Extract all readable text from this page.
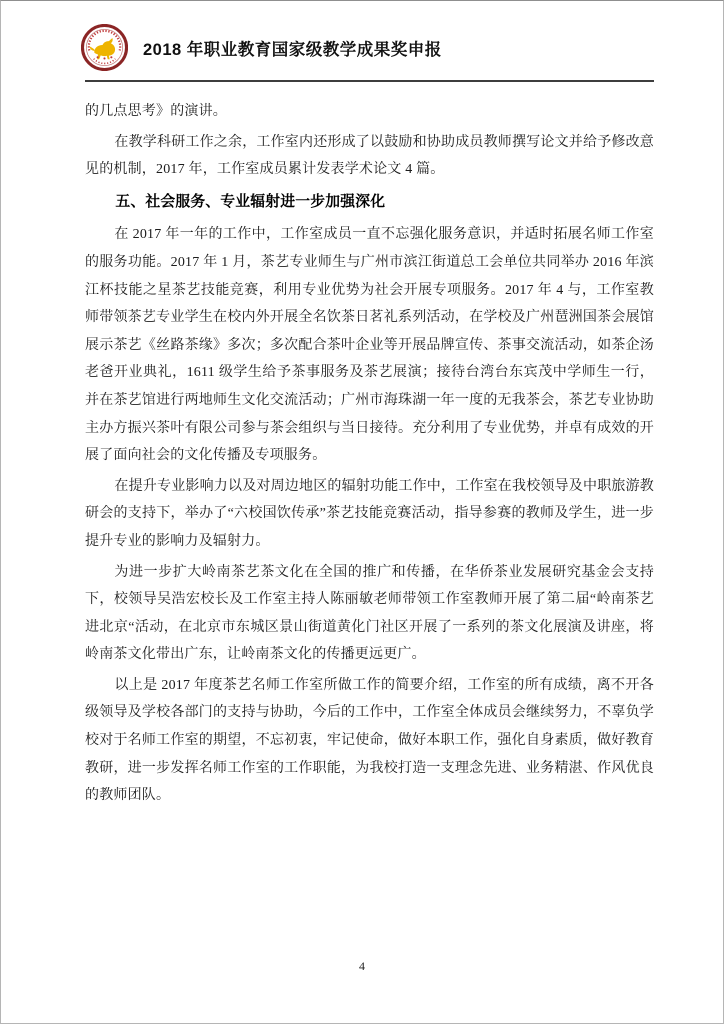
2018 年职业教育国家级教学成果奖申报

的几点思考》的演讲。

在教学科研工作之余，工作室内还形成了以鼓励和协助成员教师撰写论文并给予修改意见的机制，2017 年，工作室成员累计发表学术论文 4 篇。

五、社会服务、专业辐射进一步加强深化

在 2017 年一年的工作中，工作室成员一直不忘强化服务意识，并适时拓展名师工作室的服务功能。2017 年 1 月，茶艺专业师生与广州市滨江街道总工会单位共同举办 2016 年滨江杯技能之星茶艺技能竞赛，利用专业优势为社会开展专项服务。2017 年 4 与，工作室教师带领茶艺专业学生在校内外开展全名饮茶日茗礼系列活动，在学校及广州琶洲国茶会展馆展示茶艺《丝路茶缘》多次；多次配合茶叶企业等开展品牌宣传、茶事交流活动，如茶企汤老爸开业典礼，1611 级学生给予茶事服务及茶艺展演；接待台湾台东宾茂中学师生一行，并在茶艺馆进行两地师生文化交流活动；广州市海珠湖一年一度的无我茶会，茶艺专业协助主办方振兴茶叶有限公司参与茶会组织与当日接待。充分利用了专业优势，并卓有成效的开展了面向社会的文化传播及专项服务。

在提升专业影响力以及对周边地区的辐射功能工作中，工作室在我校领导及中职旅游教研会的支持下，举办了“六校国饮传承”茶艺技能竞赛活动，指导参赛的教师及学生，进一步提升专业的影响力及辐射力。

为进一步扩大岭南茶艺茶文化在全国的推广和传播，在华侨茶业发展研究基金会支持下，校领导吴浩宏校长及工作室主持人陈丽敏老师带领工作室教师开展了第二届“岭南茶艺进北京“活动，在北京市东城区景山街道黄化门社区开展了一系列的茶文化展演及讲座，将岭南茶文化带出广东，让岭南茶文化的传播更远更广。

以上是 2017 年度茶艺名师工作室所做工作的简要介绍，工作室的所有成绩，离不开各级领导及学校各部门的支持与协助，今后的工作中，工作室全体成员会继续努力，不辜负学校对于名师工作室的期望，不忘初衷，牢记使命，做好本职工作，强化自身素质，做好教育教研，进一步发挥名师工作室的工作职能，为我校打造一支理念先进、业务精湛、作风优良的教师团队。

4
